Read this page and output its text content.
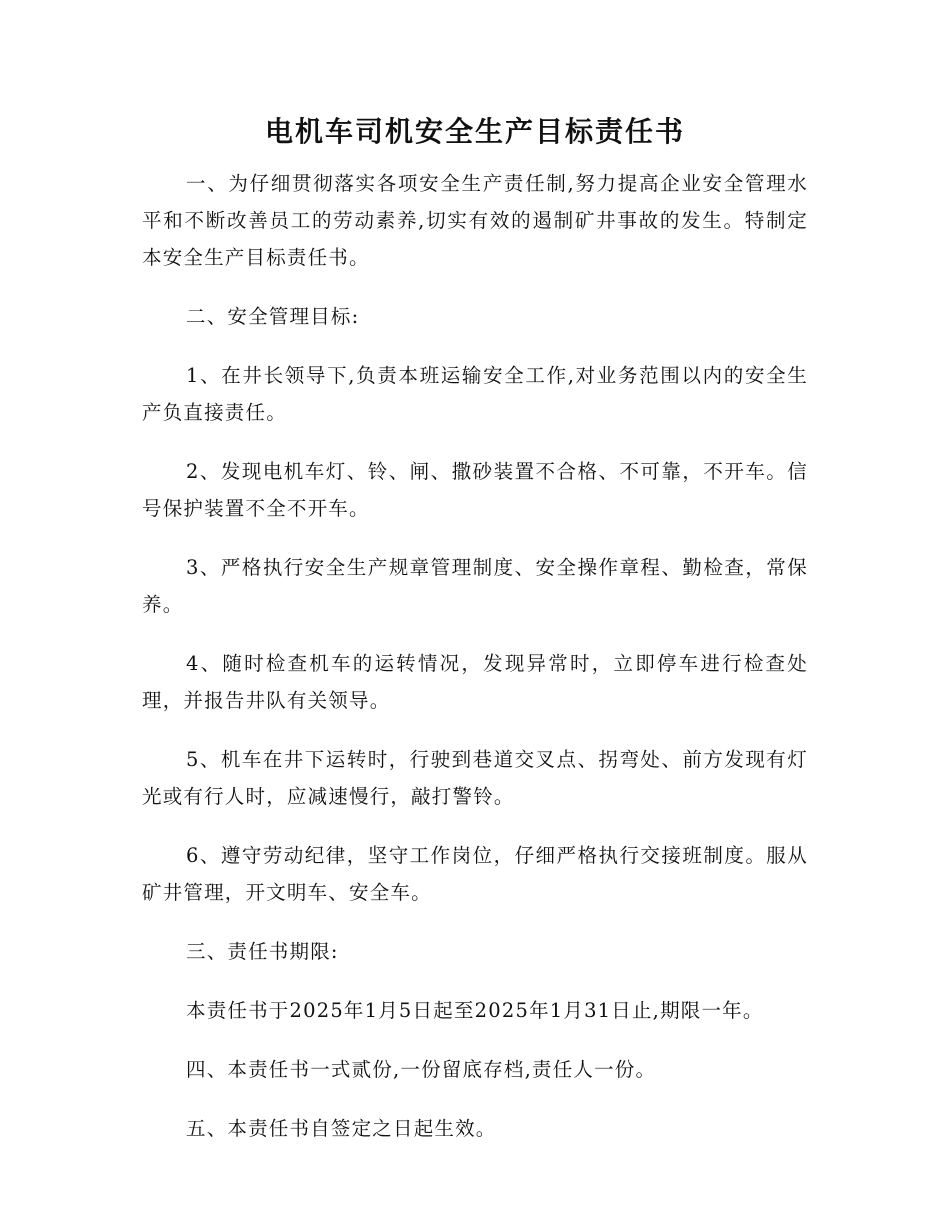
电机车司机安全生产目标责任书

一、为仔细贯彻落实各项安全生产责任制,努力提高企业安全管理水平和不断改善员工的劳动素养,切实有效的遏制矿井事故的发生。特制定本安全生产目标责任书。

二、安全管理目标:

1、在井长领导下,负责本班运输安全工作,对业务范围以内的安全生产负直接责任。

2、发现电机车灯、铃、闸、撒砂装置不合格、不可靠，不开车。信号保护装置不全不开车。

3、严格执行安全生产规章管理制度、安全操作章程、勤检查，常保养。

4、随时检查机车的运转情况，发现异常时，立即停车进行检查处理，并报告井队有关领导。

5、机车在井下运转时，行驶到巷道交叉点、拐弯处、前方发现有灯光或有行人时，应减速慢行，敲打警铃。

6、遵守劳动纪律，坚守工作岗位，仔细严格执行交接班制度。服从矿井管理，开文明车、安全车。

三、责任书期限:

本责任书于2025年1月5日起至2025年1月31日止,期限一年。

四、本责任书一式贰份,一份留底存档,责任人一份。

五、本责任书自签定之日起生效。
